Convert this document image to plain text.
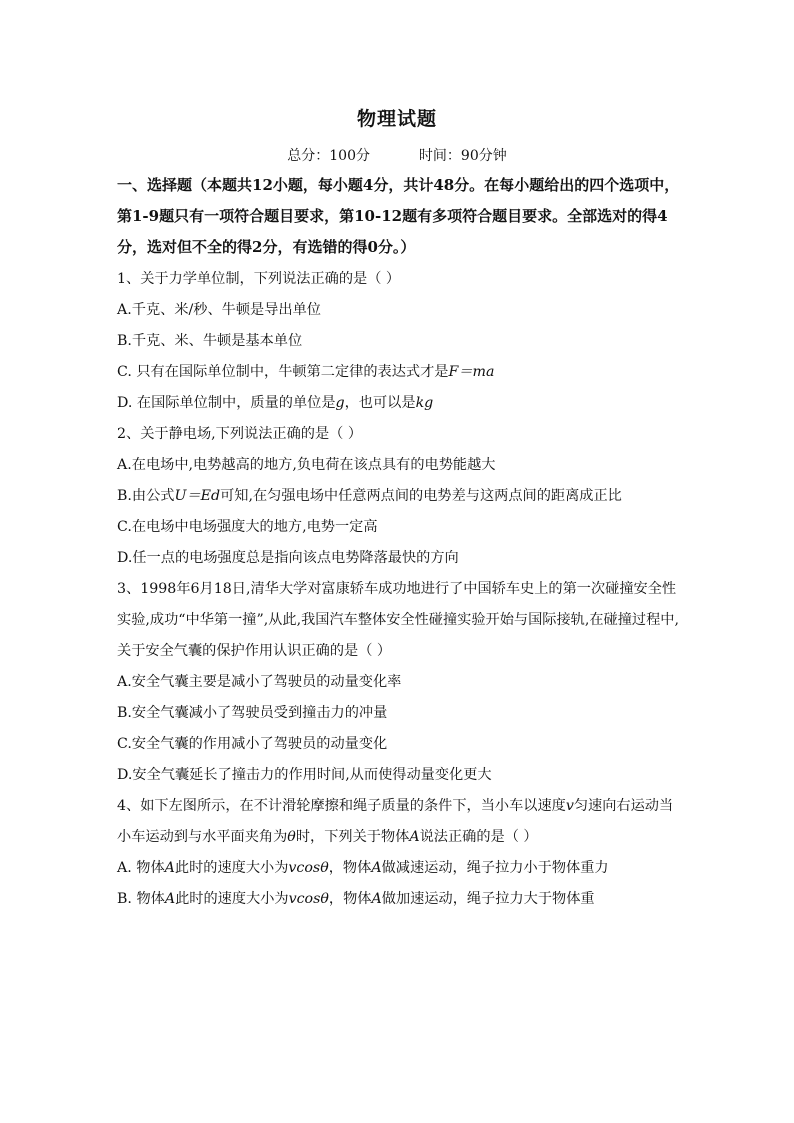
物理试题
总分：100分	时间：90分钟

一、选择题（本题共12小题，每小题4分，共计48分。在每小题给出的四个选项中，第1-9题只有一项符合题目要求，第10-12题有多项符合题目要求。全部选对的得4分，选对但不全的得2分，有选错的得0分。）

1、关于力学单位制，下列说法正确的是（ ）

A.千克、米/秒、牛顿是导出单位

B.千克、米、牛顿是基本单位

C. 只有在国际单位制中，牛顿第二定律的表达式才是F＝ma

D. 在国际单位制中，质量的单位是g，也可以是kg

2、关于静电场,下列说法正确的是（ ）

A.在电场中,电势越高的地方,负电荷在该点具有的电势能越大

B.由公式U＝Ed可知,在匀强电场中任意两点间的电势差与这两点间的距离成正比

C.在电场中电场强度大的地方,电势一定高

D.任一点的电场强度总是指向该点电势降落最快的方向

3、1998年6月18日,清华大学对富康轿车成功地进行了中国轿车史上的第一次碰撞安全性实验,成功“中华第一撞”,从此,我国汽车整体安全性碰撞实验开始与国际接轨,在碰撞过程中,关于安全气囊的保护作用认识正确的是（ ）

A.安全气囊主要是减小了驾驶员的动量变化率

B.安全气囊减小了驾驶员受到撞击力的冲量

C.安全气囊的作用减小了驾驶员的动量变化

D.安全气囊延长了撞击力的作用时间,从而使得动量变化更大

4、如下左图所示，在不计滑轮摩擦和绳子质量的条件下，当小车以速度v匀速向右运动当小车运动到与水平面夹角为θ时，下列关于物体A说法正确的是（ ）

A. 物体A此时的速度大小为vcosθ，物体A做减速运动，绳子拉力小于物体重力

B. 物体A此时的速度大小为vcosθ，物体A做加速运动，绳子拉力大于物体重
